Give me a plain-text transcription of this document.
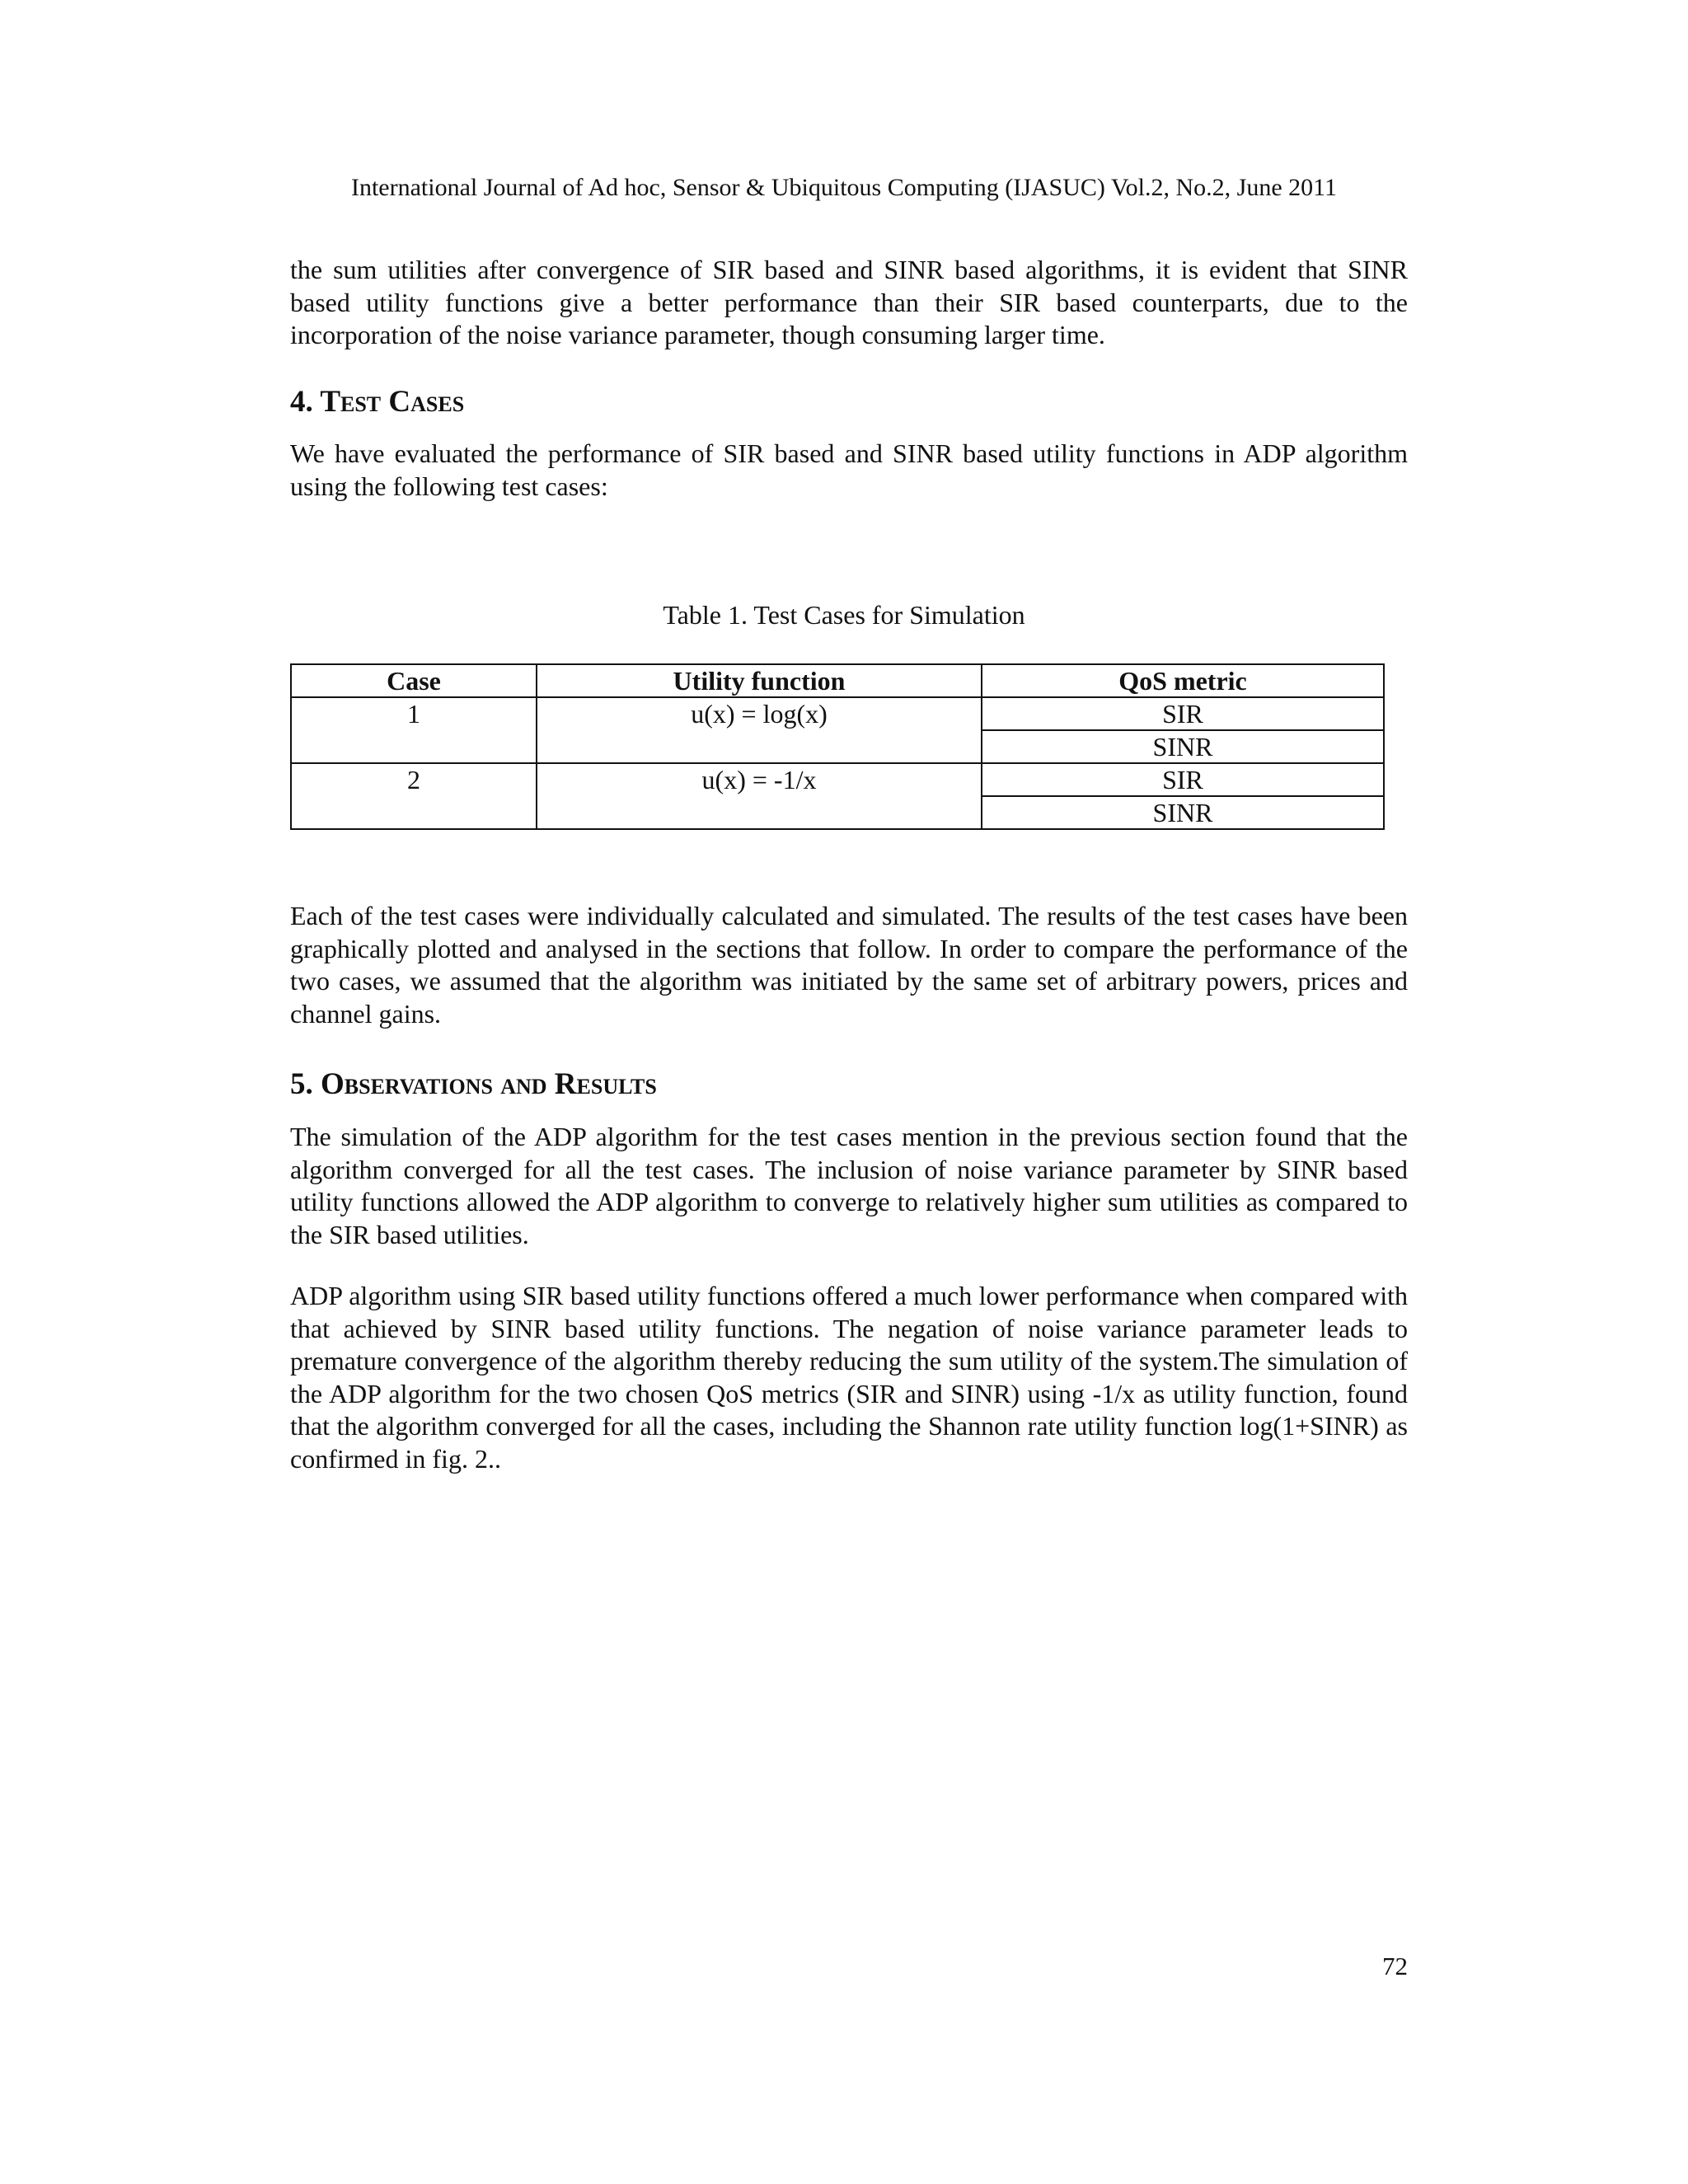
International Journal of Ad hoc, Sensor & Ubiquitous Computing (IJASUC) Vol.2, No.2, June 2011

the sum utilities after convergence of SIR based and SINR based algorithms, it is evident that SINR based utility functions give a better performance than their SIR based counterparts, due to the incorporation of the noise variance parameter, though consuming larger time.

4. Test Cases

We have evaluated the performance of SIR based and SINR based utility functions in ADP algorithm using the following test cases:

Table 1. Test Cases for Simulation
Case	Utility function	QoS metric
1	u(x) = log(x)	SIR
		SINR
2	u(x) = -1/x	SIR
		SINR

Each of the test cases were individually calculated and simulated. The results of the test cases have been graphically plotted and analysed in the sections that follow. In order to compare the performance of the two cases, we assumed that the algorithm was initiated by the same set of arbitrary powers, prices and channel gains.

5. Observations and Results

The simulation of the ADP algorithm for the test cases mention in the previous section found that the algorithm converged for all the test cases. The inclusion of noise variance parameter by SINR based utility functions allowed the ADP algorithm to converge to relatively higher sum utilities as compared to the SIR based utilities.

ADP algorithm using SIR based utility functions offered a much lower performance when compared with that achieved by SINR based utility functions. The negation of noise variance parameter leads to premature convergence of the algorithm thereby reducing the sum utility of the system.The simulation of the ADP algorithm for the two chosen QoS metrics (SIR and SINR) using -1/x as utility function, found that the algorithm converged for all the cases, including the Shannon rate utility function log(1+SINR) as confirmed in fig. 2..

72
